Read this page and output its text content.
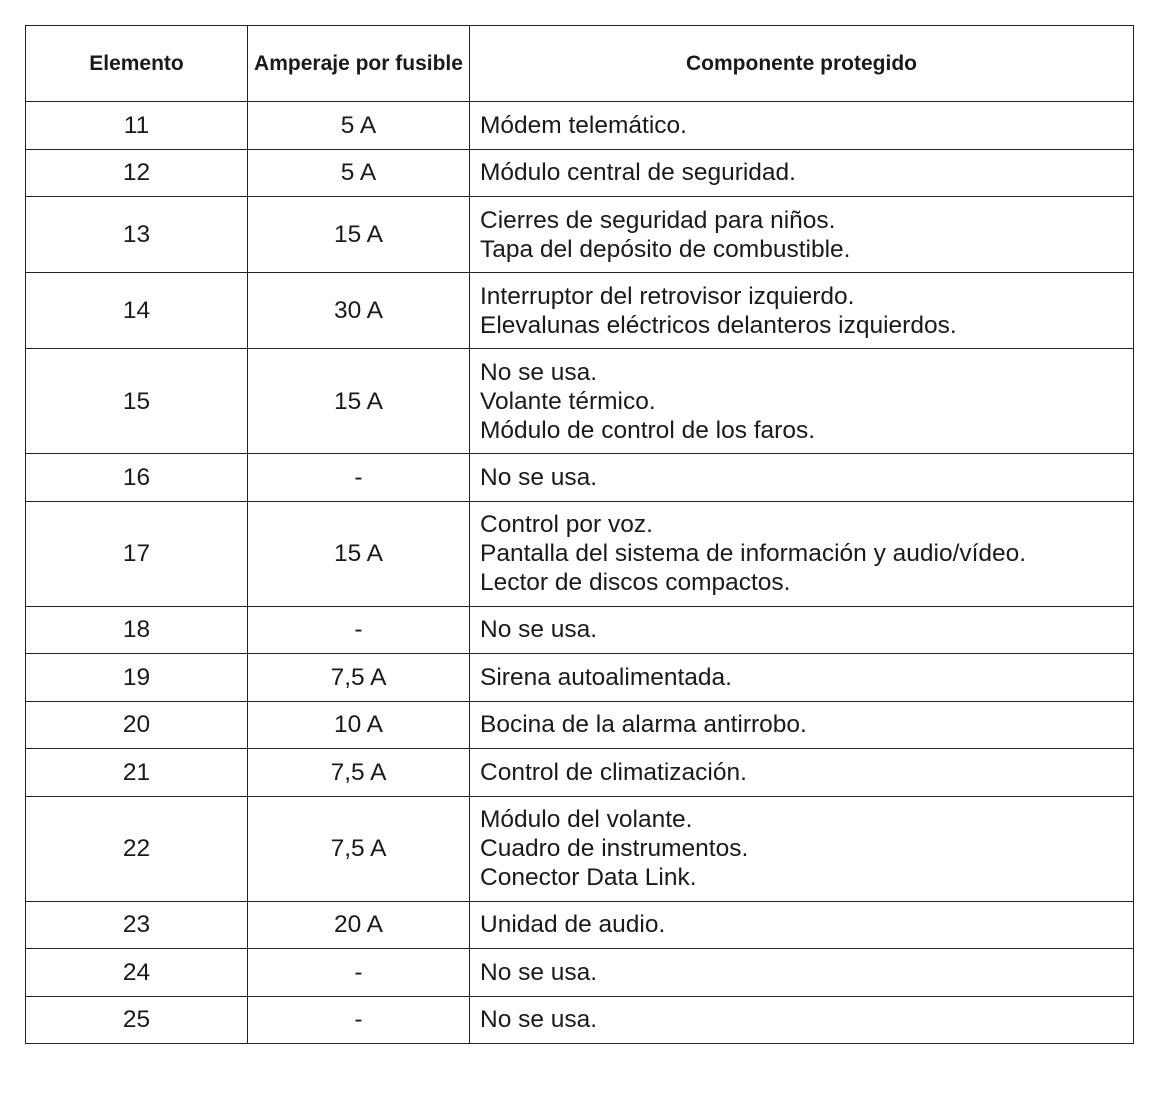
Elemento	Amperaje por fusible	Componente protegido
11	5 A	Módem telemático.

12	5 A	Módulo central de seguridad.

13	15 A	Cierres de seguridad para niños.
Tapa del depósito de combustible.

14	30 A	Interruptor del retrovisor izquierdo.
Elevalunas eléctricos delanteros izquierdos.

15	15 A	No se usa.
Volante térmico.
Módulo de control de los faros.

16	-	No se usa.

17	15 A	Control por voz.
Pantalla del sistema de información y audio/vídeo.
Lector de discos compactos.

18	-	No se usa.

19	7,5 A	Sirena autoalimentada.

20	10 A	Bocina de la alarma antirrobo.

21	7,5 A	Control de climatización.

22	7,5 A	Módulo del volante.
Cuadro de instrumentos.
Conector Data Link.

23	20 A	Unidad de audio.

24	-	No se usa.

25	-	No se usa.
